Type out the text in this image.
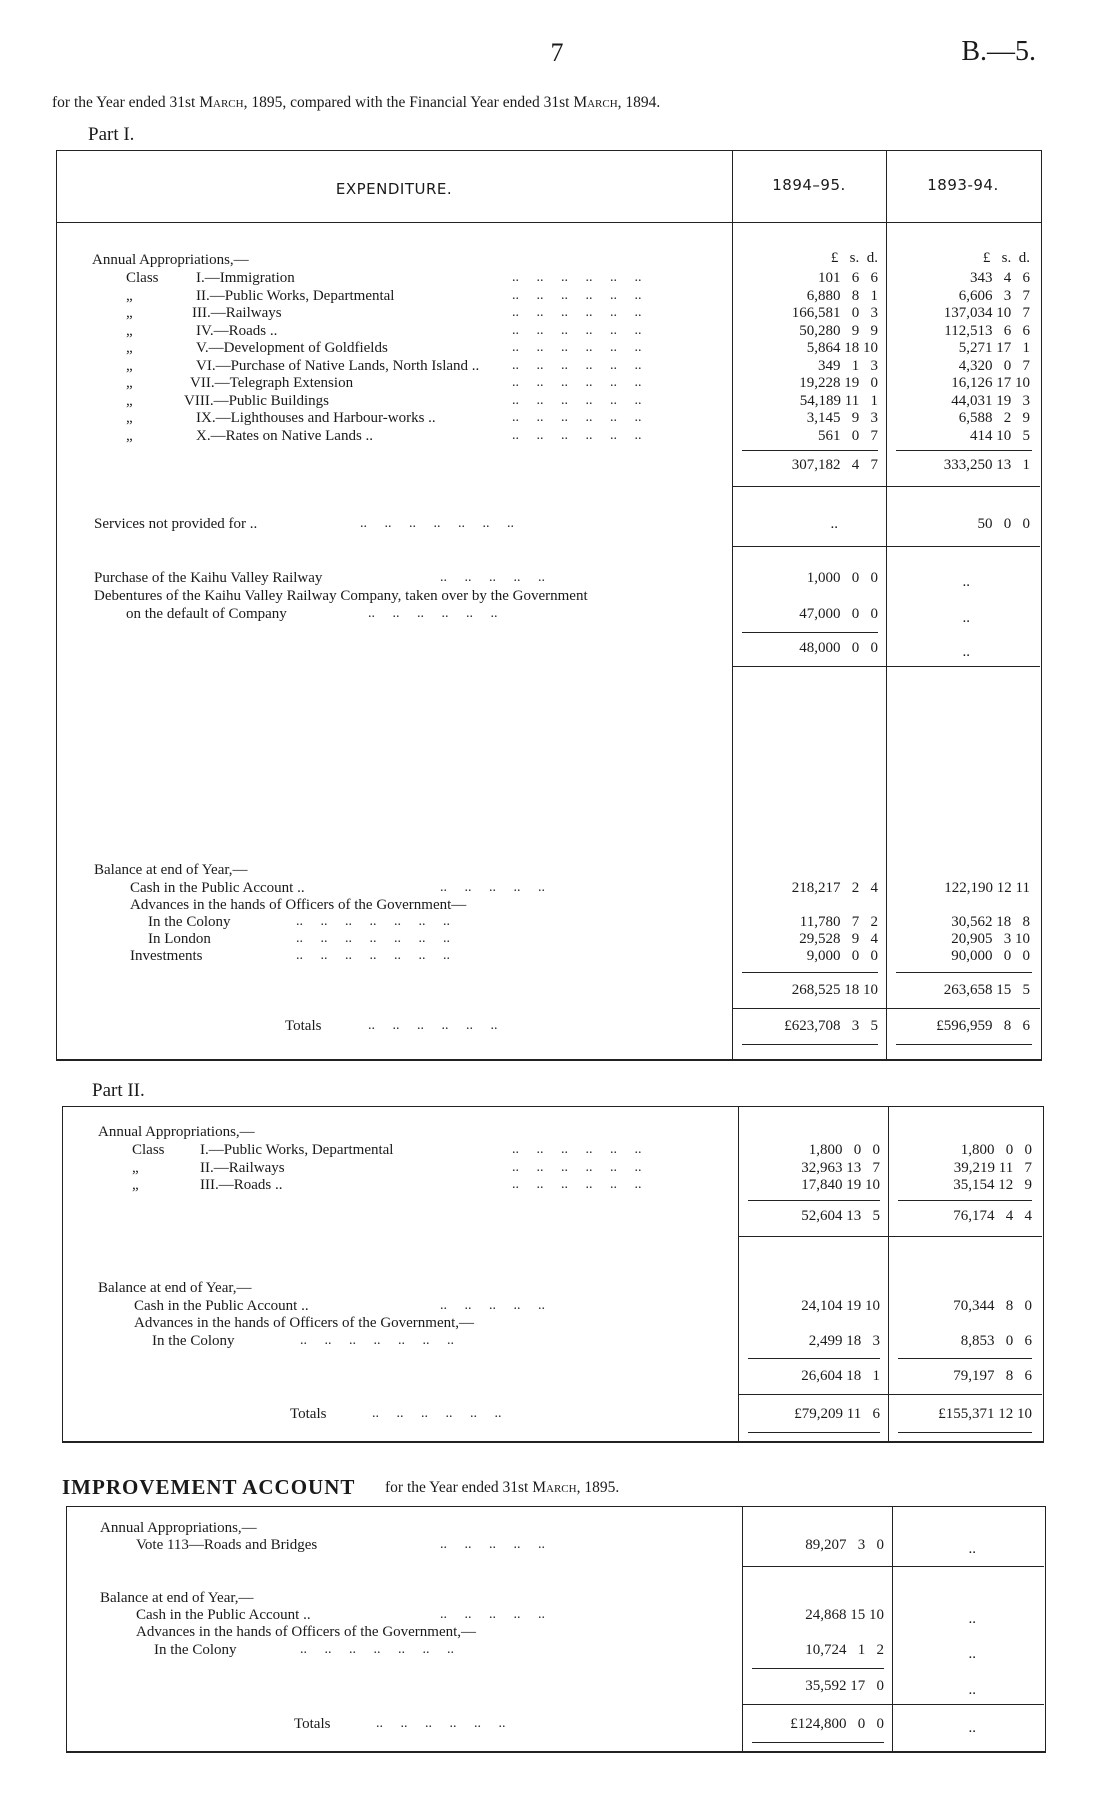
7	B.—5.
for the Year ended 31st March, 1895, compared with the Financial Year ended 31st March, 1894.
Part I.
EXPENDITURE.	1894–95.	1893-94.
£   s.  d.	£   s.  d.
Annual Appropriations,—
Class I.—Immigration	..     ..     ..     ..     ..     ..	101   6   6	343   4   6
„	II.—Public Works, Departmental	..     ..     ..     ..     ..     ..	6,880   8   1	6,606   3   7
„	III.—Railways	..     ..     ..     ..     ..     ..	166,581   0   3	137,034 10   7
„	IV.—Roads ..	..     ..     ..     ..     ..     ..	50,280   9   9	112,513   6   6
„	V.—Development of Goldfields	..     ..     ..     ..     ..     ..	5,864 18 10	5,271 17   1
„	VI.—Purchase of Native Lands, North Island .. ..     ..     ..     ..     ..     ..	349   1   3	4,320   0   7
„	VII.—Telegraph Extension	..     ..     ..     ..     ..     ..	19,228 19   0	16,126 17 10
„	VIII.—Public Buildings	..     ..     ..     ..     ..     ..	54,189 11   1	44,031 19   3
„	IX.—Lighthouses and Harbour-works ..	..     ..     ..     ..     ..     ..	3,145   9   3	6,588   2   9
„	X.—Rates on Native Lands ..	..     ..     ..     ..     ..     ..	561   0   7	414 10   5
307,182   4   7	333,250 13   1
Services not provided for ..	..     ..     ..     ..     ..     ..     ..	..	50   0   0
Purchase of the Kaihu Valley Railway	..     ..     ..     ..     ..	1,000   0   0	..
Debentures of the Kaihu Valley Railway Company, taken over by the Government
on the default of Company	..     ..     ..     ..     ..     ..	47,000   0   0	..
48,000   0   0	..
Balance at end of Year,—
Cash in the Public Account ..	..     ..     ..     ..     ..	218,217   2   4	122,190 12 11
Advances in the hands of Officers of the Government—
In the Colony	..     ..     ..     ..     ..     ..     ..	11,780   7   2	30,562 18   8
In London	..     ..     ..     ..     ..     ..     ..	29,528   9   4	20,905   3 10
Investments	..     ..     ..     ..     ..     ..     ..	9,000   0   0	90,000   0   0
268,525 18 10	263,658 15   5
Totals	..     ..     ..     ..     ..     ..	£623,708   3   5	£596,959   8   6
Part II.
Annual Appropriations,—
Class I.—Public Works, Departmental	..     ..     ..     ..     ..     ..	1,800   0   0	1,800   0   0
„	II.—Railways	..     ..     ..     ..     ..     ..	32,963 13   7	39,219 11   7
„	III.—Roads ..	..     ..     ..     ..     ..     ..	17,840 19 10	35,154 12   9
52,604 13   5	76,174   4   4
Balance at end of Year,—
Cash in the Public Account ..	..     ..     ..     ..     ..	24,104 19 10	70,344   8   0
Advances in the hands of Officers of the Government,—
In the Colony	..     ..     ..     ..     ..     ..     ..	2,499 18   3	8,853   0   6
26,604 18   1	79,197   8   6
Totals	..     ..     ..     ..     ..     ..	£79,209 11   6	£155,371 12 10
IMPROVEMENT ACCOUNT for the Year ended 31st March, 1895.
Annual Appropriations,—
Vote 113—Roads and Bridges	..     ..     ..     ..     ..	89,207   3   0	..
Balance at end of Year,—
Cash in the Public Account ..	..     ..     ..     ..     ..	24,868 15 10	..
Advances in the hands of Officers of the Government,—
In the Colony	..     ..     ..     ..     ..     ..     ..	10,724   1   2	..
35,592 17   0	..
Totals	..     ..     ..     ..     ..     ..	£124,800   0   0	..
